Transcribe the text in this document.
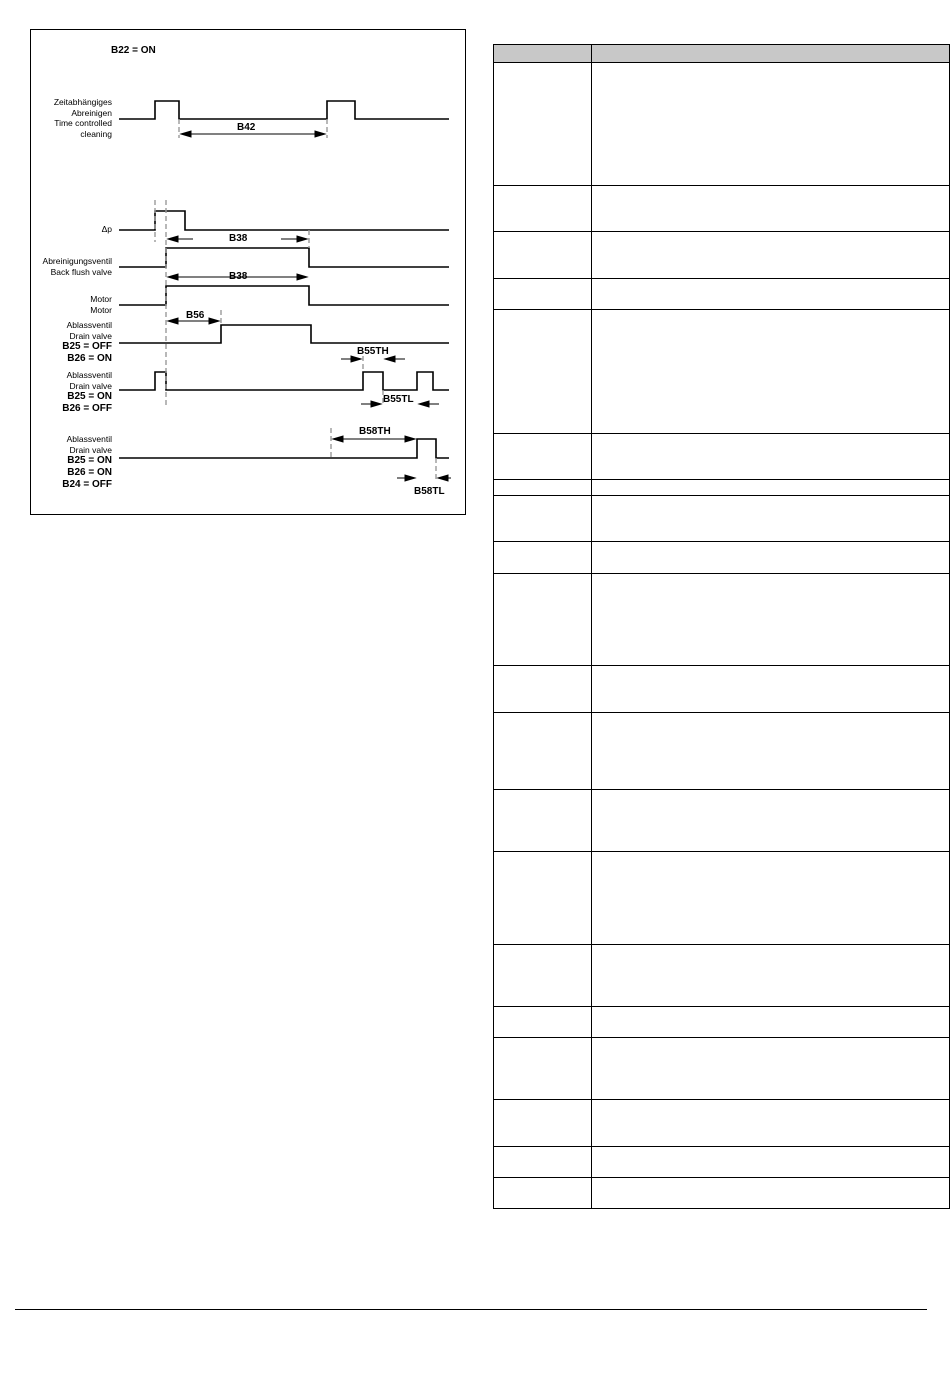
B22 = ON
Zeitabhängiges
Abreinigen
Time controlled
cleaning
Δp
Abreinigungsventil
Back flush valve
Motor
Motor
Ablassventil
Drain valve
B25 = OFF
B26 = ON
Ablassventil
Drain valve
B25 = ON
B26 = OFF
Ablassventil
Drain valve
B25 = ON
B26 = ON
B24 = OFF
B42
B38
B38
B56
B55TH
B55TL
B58TH
B58TL
